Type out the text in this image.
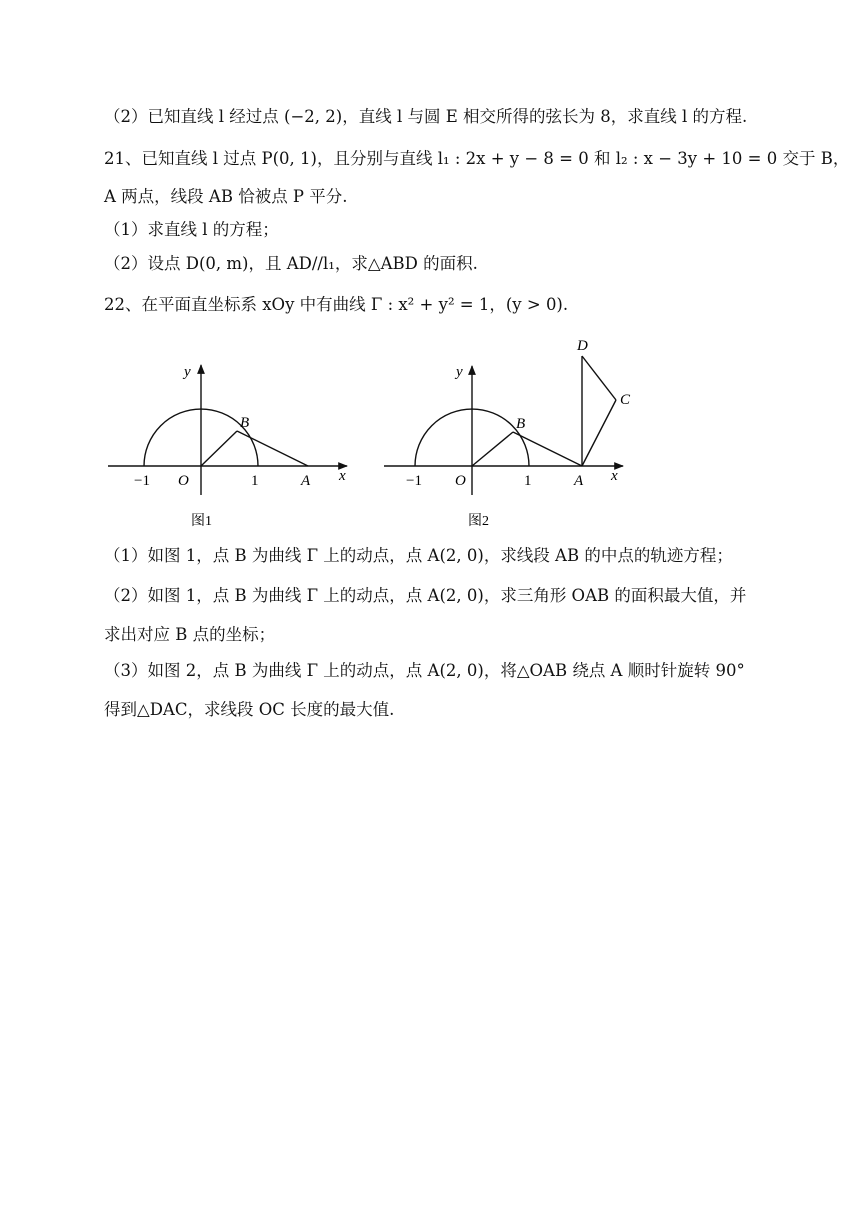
（2）已知直线 l 经过点 (−2, 2)，直线 l 与圆 E 相交所得的弦长为 8，求直线 l 的方程.
21、已知直线 l 过点 P(0, 1)，且分别与直线 l₁ : 2x + y − 8 = 0 和 l₂ : x − 3y + 10 = 0 交于 B，
A 两点，线段 AB 恰被点 P 平分.
（1）求直线 l 的方程；
（2）设点 D(0, m)，且 AD//l₁，求△ABD 的面积.
22、在平面直坐标系 xOy 中有曲线 Γ : x² + y² = 1，(y > 0).
y
x
B
−1 O	1	A
图1
y
x
B
D
C
−1 O	1	A
图2
（1）如图 1，点 B 为曲线 Γ 上的动点，点 A(2, 0)，求线段 AB 的中点的轨迹方程；
（2）如图 1，点 B 为曲线 Γ 上的动点，点 A(2, 0)，求三角形 OAB 的面积最大值，并
求出对应 B 点的坐标；
（3）如图 2，点 B 为曲线 Γ 上的动点，点 A(2, 0)，将△OAB 绕点 A 顺时针旋转 90°
得到△DAC，求线段 OC 长度的最大值.
